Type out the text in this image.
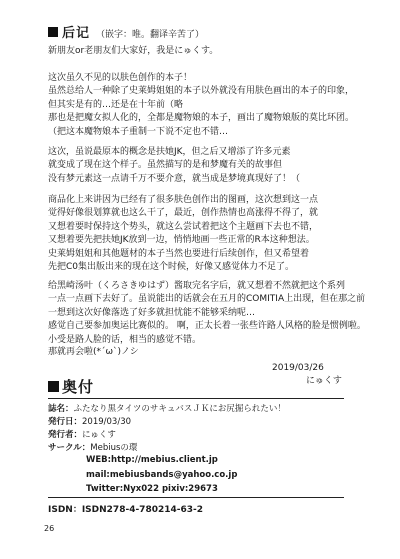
后记 （嵌字：唯。翻译辛苦了）
新朋友or老朋友们大家好，我是にゅくす。
这次虽久不见的以肤色创作的本子！
虽然总给人一种除了史莱姆姐姐的本子以外就没有用肤色画出的本子的印象，
但其实是有的…还是在十年前（略
那也是把魔女拟人化的，全都是魔物娘的本子，画出了魔物娘版的莫比环团。
（把这本魔物娘本子重制一下说不定也不错…
这次，虽说最原本的概念是扶她JK，但之后又增添了许多元素
就变成了现在这个样子。虽然描写的是和梦魔有关的故事但
没有梦元素这一点请千万不要介意，就当成是梦境真现好了！（
商品化上来讲因为已经有了很多肤色创作出的图画，这次想到这一点
觉得好像很划算就也这么干了，最近，创作热情也高涨得不得了，就
又想着要时保持这个势头，就这么尝试着把这个主题画下去也不错，
又想着要先把扶她JK放到一边，悄悄地画一些正常的R本这种想法。
史莱姆姐姐和其他题材的本子当然也要进行后续创作，但又希望着
先把C0集出版出来的现在这个时候，好像又感觉体力不足了。
给黑崎汤叶（くろさきゆはず）酱取完名字后，就又想着不然就把这个系列
一点一点画下去好了。虽说能出的话就会在五月的COMITIA上出现，但在那之前
一想到这次好像落选了好多就担忧能不能够采纳呢…
感觉自己要参加奥运比赛似的。 啊，正太长着一张些许路人风格的脸是惯例啦。
小受是路人脸的话，相当的感觉不错。
那就再会啦(*´ω`)ノシ
2019/03/26
にゅくす
奥付
誌名：ふたなり黒タイツのサキュバスＪＫにお尻掘られたい！
発行日：2019/03/30
発行者：にゅくす
サークル：Mebiusの環
WEB:http://mebius.client.jp
mail:mebiusbands@yahoo.co.jp
Twitter:Nyx022 pixiv:29673
ISDN：ISDN278-4-780214-63-2
26
